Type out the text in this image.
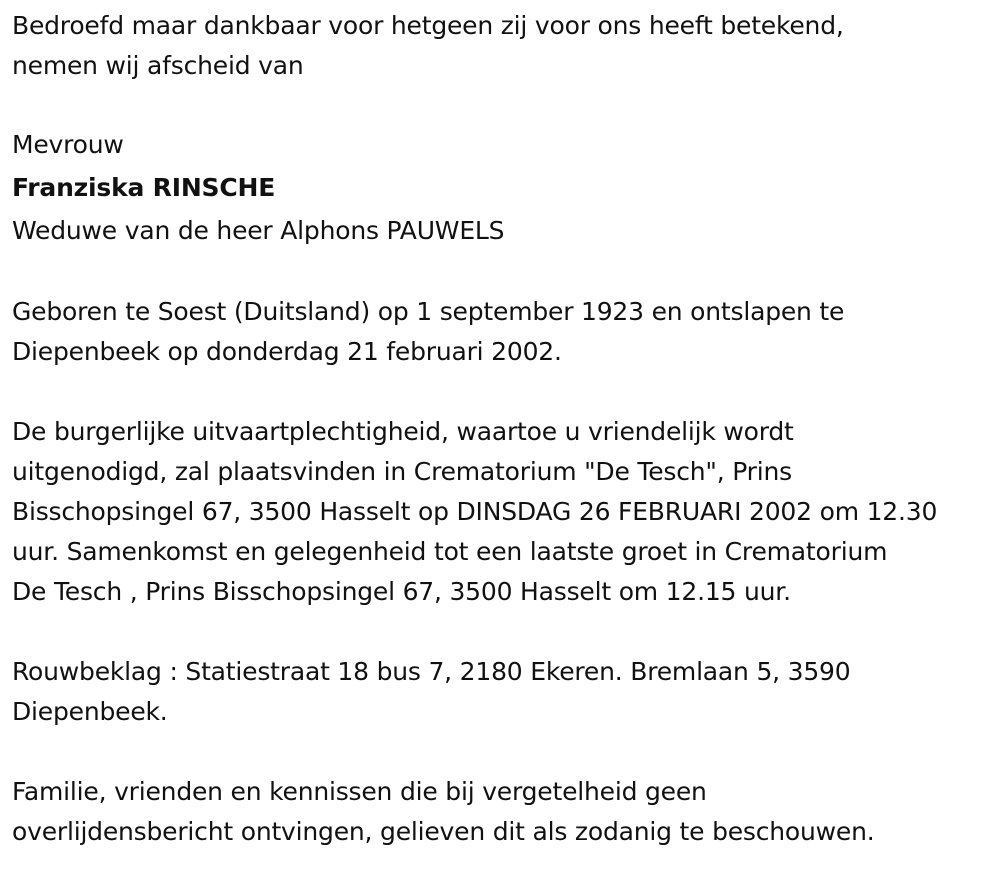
Bedroefd maar dankbaar voor hetgeen zij voor ons heeft betekend,
nemen wij afscheid van

Mevrouw

Franziska RINSCHE

Weduwe van de heer Alphons PAUWELS

Geboren te Soest (Duitsland) op 1 september 1923 en ontslapen te
Diepenbeek op donderdag 21 februari 2002.

De burgerlijke uitvaartplechtigheid, waartoe u vriendelijk wordt
uitgenodigd, zal plaatsvinden in Crematorium "De Tesch", Prins
Bisschopsingel 67, 3500 Hasselt op DINSDAG 26 FEBRUARI 2002 om 12.30
uur. Samenkomst en gelegenheid tot een laatste groet in Crematorium
De Tesch , Prins Bisschopsingel 67, 3500 Hasselt om 12.15 uur.

Rouwbeklag : Statiestraat 18 bus 7, 2180 Ekeren. Bremlaan 5, 3590
Diepenbeek.

Familie, vrienden en kennissen die bij vergetelheid geen
overlijdensbericht ontvingen, gelieven dit als zodanig te beschouwen.
